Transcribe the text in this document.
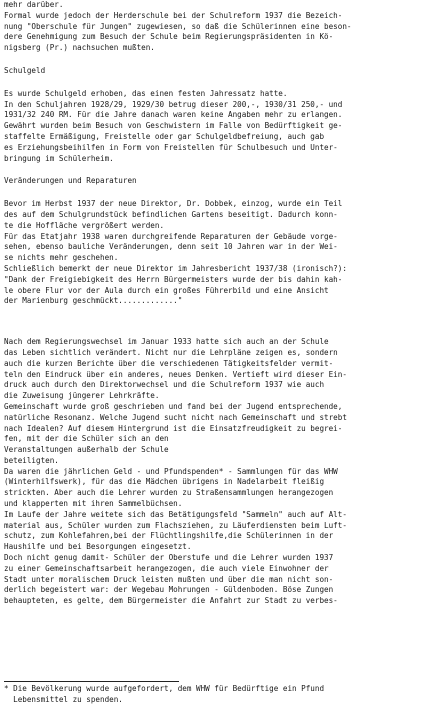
mehr darüber.
Formal wurde jedoch der Herderschule bei der Schulreform 1937 die Bezeich-
nung "Oberschule für Jungen" zugewiesen, so daß die Schülerinnen eine beson-
dere Genehmigung zum Besuch der Schule beim Regierungspräsidenten in Kö-
nigsberg (Pr.) nachsuchen mußten.
Schulgeld
Es wurde Schulgeld erhoben, das einen festen Jahressatz hatte.
In den Schuljahren 1928/29, 1929/30 betrug dieser 200,-, 1930/31 250,- und
1931/32 240 RM. Für die Jahre danach waren keine Angaben mehr zu erlangen.
Gewährt wurden beim Besuch von Geschwistern im Falle von Bedürftigkeit ge-
staffelte Ermäßigung, Freistelle oder gar Schulgeldbefreiung, auch gab
es Erziehungsbeihilfen in Form von Freistellen für Schulbesuch und Unter-
bringung im Schülerheim.
Veränderungen und Reparaturen
Bevor im Herbst 1937 der neue Direktor, Dr. Dobbek, einzog, wurde ein Teil
des auf dem Schulgrundstück befindlichen Gartens beseitigt. Dadurch konn-
te die Hoffläche vergrößert werden.
Für das Etatjahr 1938 waren durchgreifende Reparaturen der Gebäude vorge-
sehen, ebenso bauliche Veränderungen, denn seit 10 Jahren war in der Wei-
se nichts mehr geschehen.
Schließlich bemerkt der neue Direktor im Jahresbericht 1937/38 (ironisch?):
"Dank der Freigiebigkeit des Herrn Bürgermeisters wurde der bis dahin kah-
le obere Flur vor der Aula durch ein großes Führerbild und eine Ansicht
der Marienburg geschmückt............."
Nach dem Regierungswechsel im Januar 1933 hatte sich auch an der Schule
das Leben sichtlich verändert. Nicht nur die Lehrpläne zeigen es, sondern
auch die kurzen Berichte über die verschiedenen Tätigkeitsfelder vermit-
teln den Eindruck über ein anderes, neues Denken. Vertieft wird dieser Ein-
druck auch durch den Direktorwechsel und die Schulreform 1937 wie auch
die Zuweisung jüngerer Lehrkräfte.
Gemeinschaft wurde groß geschrieben und fand bei der Jugend entsprechende,
natürliche Resonanz. Welche Jugend sucht nicht nach Gemeinschaft und strebt
nach Idealen? Auf diesem Hintergrund ist die Einsatzfreudigkeit zu begrei-
fen, mit der die Schüler sich an den
Veranstaltungen außerhalb der Schule
beteiligten.
Da waren die jährlichen Geld - und Pfundspenden* - Sammlungen für das WHW
(Winterhilfswerk), für das die Mädchen übrigens in Nadelarbeit fleißig
strickten. Aber auch die Lehrer wurden zu Straßensammlungen herangezogen
und klapperten mit ihren Sammelbüchsen.
Im Laufe der Jahre weitete sich das Betätigungsfeld "Sammeln" auch auf Alt-
material aus, Schüler wurden zum Flachsziehen, zu Läuferdiensten beim Luft-
schutz, zum Kohlefahren,bei der Flüchtlingshilfe,die Schülerinnen in der
Haushilfe und bei Besorgungen eingesetzt.
Doch nicht genug damit- Schüler der Oberstufe und die Lehrer wurden 1937
zu einer Gemeinschaftsarbeit herangezogen, die auch viele Einwohner der
Stadt unter moralischem Druck leisten mußten und über die man nicht son-
derlich begeistert war: der Wegebau Mohrungen - Güldenboden. Böse Zungen
behaupteten, es gelte, dem Bürgermeister die Anfahrt zur Stadt zu verbes-
* Die Bevölkerung wurde aufgefordert, dem WHW für Bedürftige ein Pfund
Lebensmittel zu spenden.
